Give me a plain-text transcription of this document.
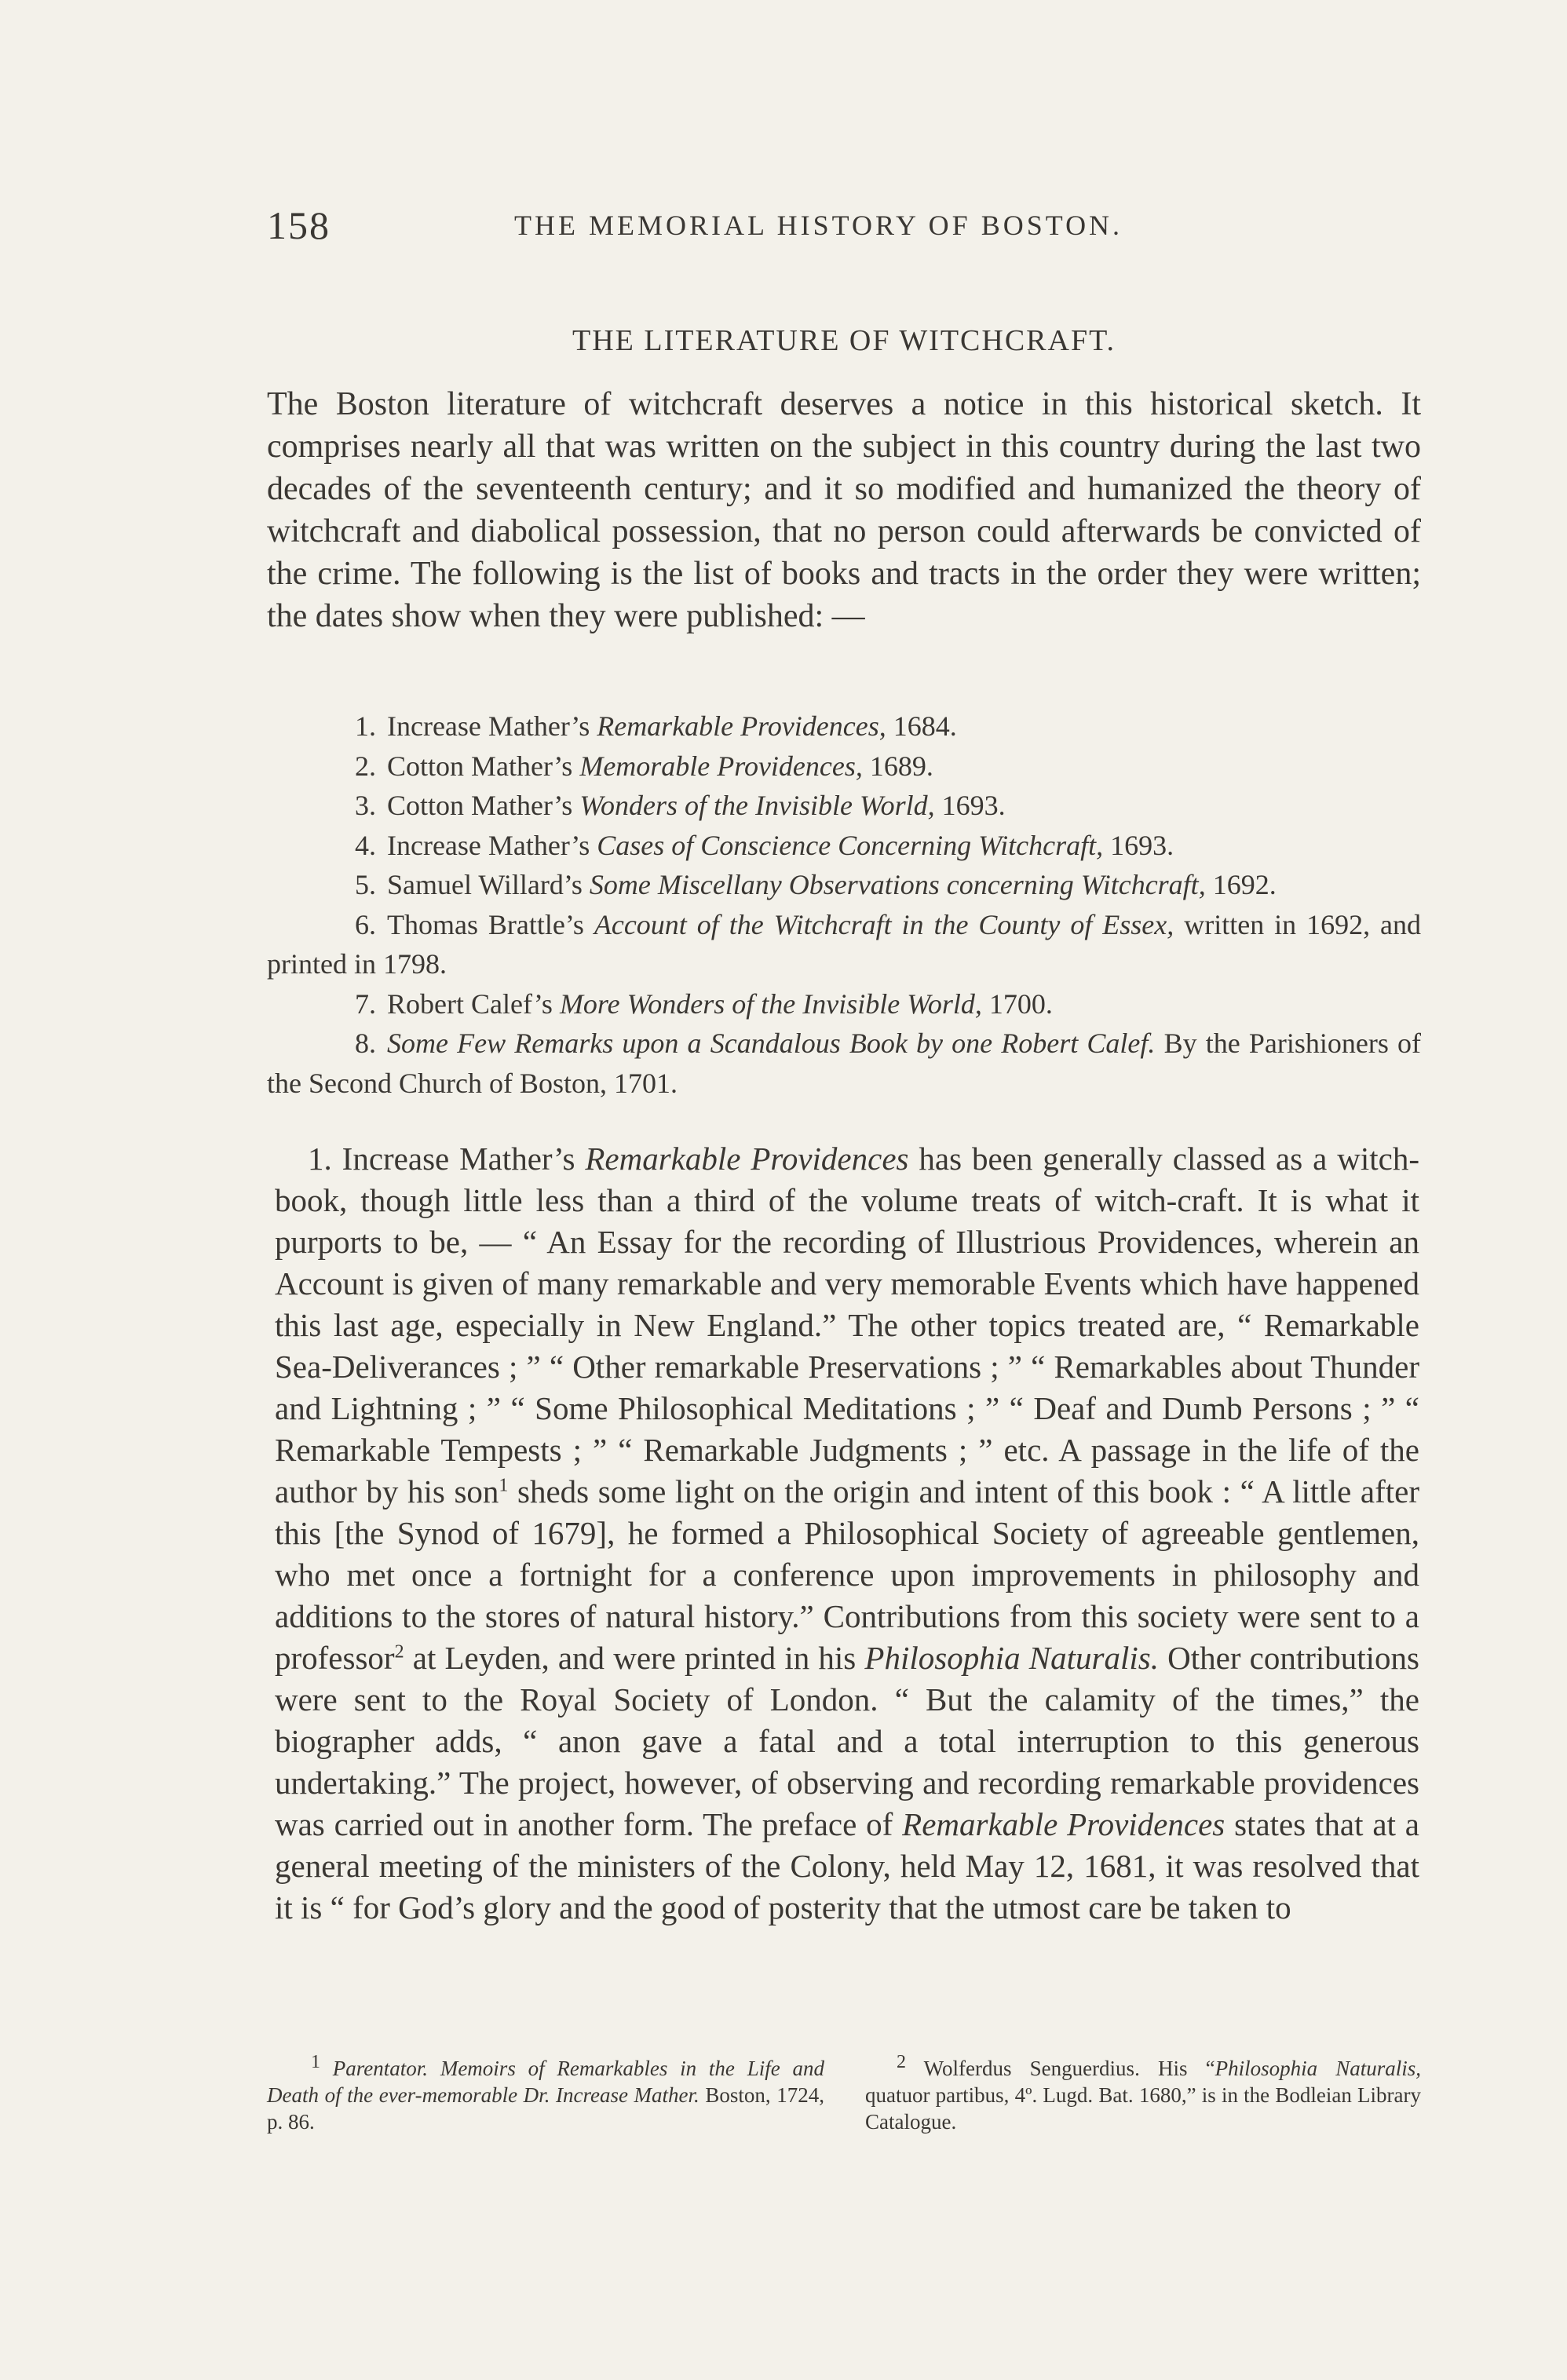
158	THE MEMORIAL HISTORY OF BOSTON.
THE LITERATURE OF WITCHCRAFT.
The Boston literature of witchcraft deserves a notice in this historical sketch. It comprises nearly all that was written on the subject in this country during the last two decades of the seventeenth century; and it so modified and humanized the theory of witchcraft and diabolical possession, that no person could afterwards be convicted of the crime. The following is the list of books and tracts in the order they were written; the dates show when they were published: —
1. Increase Mather’s Remarkable Providences, 1684.
2. Cotton Mather’s Memorable Providences, 1689.
3. Cotton Mather’s Wonders of the Invisible World, 1693.
4. Increase Mather’s Cases of Conscience Concerning Witchcraft, 1693.
5. Samuel Willard’s Some Miscellany Observations concerning Witchcraft, 1692.
6. Thomas Brattle’s Account of the Witchcraft in the County of Essex, written in 1692, and printed in 1798.
7. Robert Calef’s More Wonders of the Invisible World, 1700.
8. Some Few Remarks upon a Scandalous Book by one Robert Calef. By the Parishioners of the Second Church of Boston, 1701.
1. Increase Mather’s Remarkable Providences has been generally classed as a witch-book, though little less than a third of the volume treats of witch-craft. It is what it purports to be, — “ An Essay for the recording of Illustrious Providences, wherein an Account is given of many remarkable and very memorable Events which have happened this last age, especially in New England.” The other topics treated are, “ Remarkable Sea-Deliverances ; ” “ Other remarkable Preservations ; ” “ Remarkables about Thunder and Lightning ; ” “ Some Philosophical Meditations ; ” “ Deaf and Dumb Persons ; ” “ Remarkable Tempests ; ” “ Remarkable Judgments ; ” etc. A passage in the life of the author by his son$^1$ sheds some light on the origin and intent of this book : “ A little after this [the Synod of 1679], he formed a Philosophical Society of agreeable gentlemen, who met once a fortnight for a conference upon improvements in philosophy and additions to the stores of natural history.” Contributions from this society were sent to a professor$^2$ at Leyden, and were printed in his Philosophia Naturalis. Other contributions were sent to the Royal Society of London. “ But the calamity of the times,” the biographer adds, “ anon gave a fatal and a total interruption to this generous undertaking.” The project, however, of observing and recording remarkable providences was carried out in another form. The preface of Remarkable Providences states that at a general meeting of the ministers of the Colony, held May 12, 1681, it was resolved that it is “ for God’s glory and the good of posterity that the utmost care be taken to
$^1$ Parentator. Memoirs of Remarkables in the Life and Death of the ever-memorable Dr. Increase Mather. Boston, 1724, p. 86.
$^2$ Wolferdus Senguerdius. His “Philosophia Naturalis, quatuor partibus, 4º. Lugd. Bat. 1680,” is in the Bodleian Library Catalogue.
